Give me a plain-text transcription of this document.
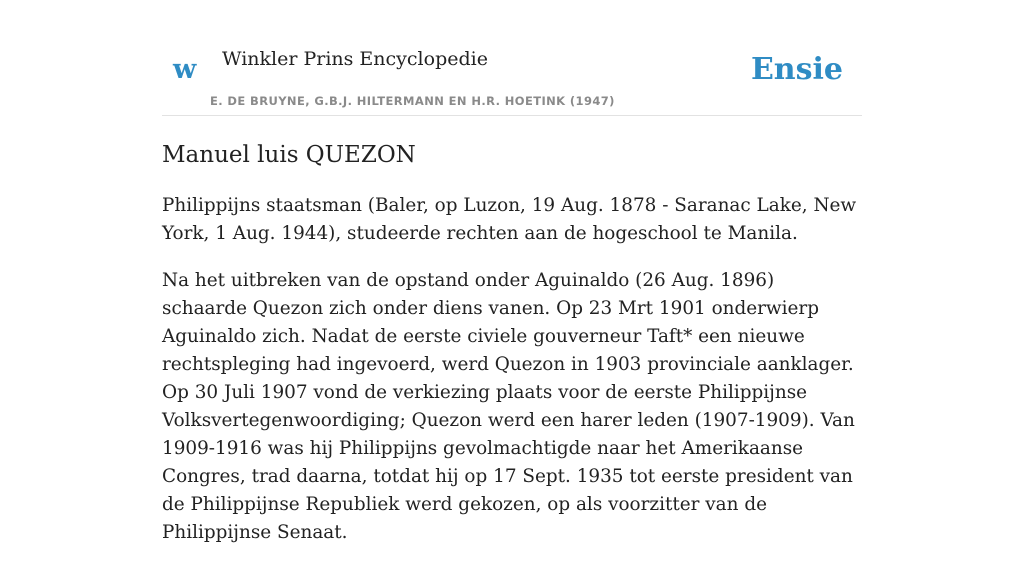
w Winkler Prins Encyclopedie	Ensie
E. DE BRUYNE, G.B.J. HILTERMANN EN H.R. HOETINK (1947)
Manuel luis QUEZON

Philippijns staatsman (Baler, op Luzon, 19 Aug. 1878 - Saranac Lake, New York, 1 Aug. 1944), studeerde rechten aan de hogeschool te Manila.

Na het uitbreken van de opstand onder Aguinaldo (26 Aug. 1896) schaarde Quezon zich onder diens vanen. Op 23 Mrt 1901 onderwierp Aguinaldo zich. Nadat de eerste civiele gouverneur Taft* een nieuwe rechtspleging had ingevoerd, werd Quezon in 1903 provinciale aanklager. Op 30 Juli 1907 vond de verkiezing plaats voor de eerste Philippijnse Volksvertegenwoordiging; Quezon werd een harer leden (1907-1909). Van 1909-1916 was hij Philippijns gevolmachtigde naar het Amerikaanse Congres, trad daarna, totdat hij op 17 Sept. 1935 tot eerste president van de Philippijnse Republiek werd gekozen, op als voorzitter van de Philippijnse Senaat.
